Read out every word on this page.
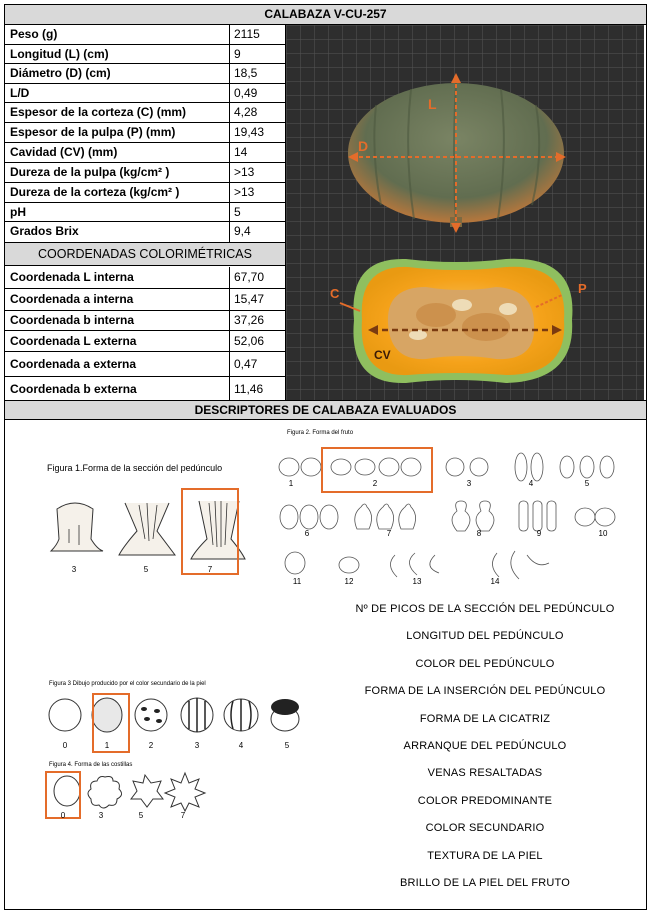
CALABAZA V-CU-257
Peso (g)	2115
Longitud (L) (cm)	9
Diámetro (D) (cm)	18,5
L/D	0,49
Espesor de la corteza (C) (mm)	4,28
Espesor de la pulpa (P) (mm)	19,43
Cavidad (CV) (mm)	14
Dureza de la pulpa (kg/cm² )	>13
Dureza de la corteza (kg/cm² )	>13
pH	5
Grados Brix	9,4
COORDENADAS COLORIMÉTRICAS
Coordenada L interna	67,70
Coordenada a interna	15,47
Coordenada b interna	37,26
Coordenada L externa	52,06
Coordenada a externa	0,47
Coordenada b externa	11,46
L
D
C	P
CV
DESCRIPTORES DE CALABAZA EVALUADOS
Figura 1.Forma de la sección del pedúnculo
3	5	7
Figura 2. Forma del fruto
1	2	3	4	5
6	7	8	9	10
11	12	13	14
Figura 3 Dibujo producido por el color secundario de la piel
0	1	2	3	4	5
Figura 4. Forma de las costillas
0	3	5	7
Nº DE PICOS DE LA SECCIÓN DEL PEDÚNCULO
LONGITUD DEL PEDÚNCULO
COLOR DEL PEDÚNCULO
FORMA DE LA INSERCIÓN DEL PEDÚNCULO
FORMA DE LA CICATRIZ
ARRANQUE DEL PEDÚNCULO
VENAS RESALTADAS
COLOR PREDOMINANTE
COLOR SECUNDARIO
TEXTURA DE LA PIEL
BRILLO DE LA PIEL DEL FRUTO
